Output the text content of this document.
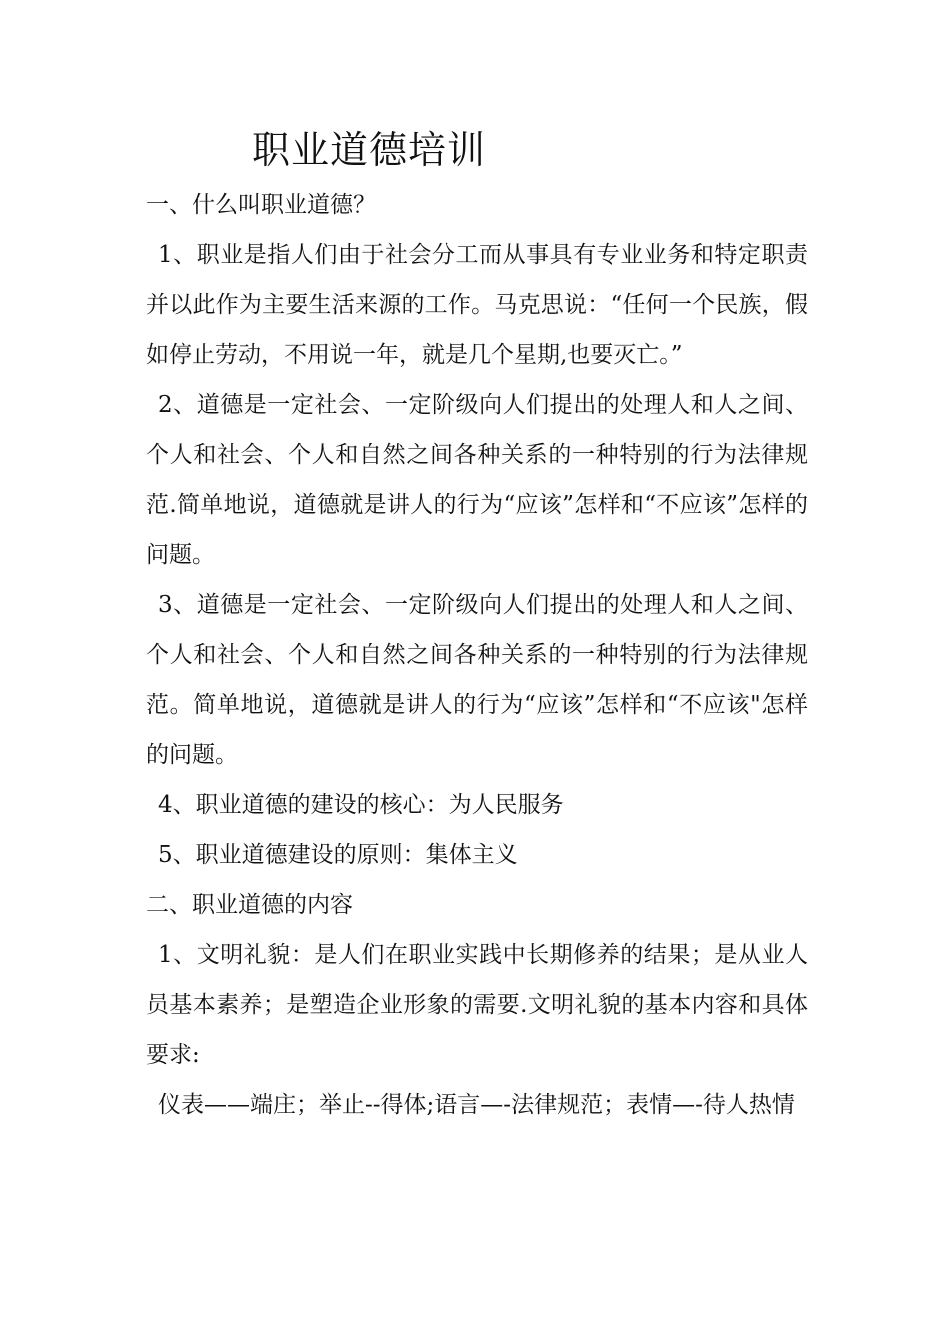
职业道德培训

一、什么叫职业道德？

1、职业是指人们由于社会分工而从事具有专业业务和特定职责并以此作为主要生活来源的工作。马克思说：“任何一个民族，假如停止劳动，不用说一年，就是几个星期,也要灭亡。”

2、道德是一定社会、一定阶级向人们提出的处理人和人之间、个人和社会、个人和自然之间各种关系的一种特别的行为法律规范.简单地说，道德就是讲人的行为“应该”怎样和“不应该”怎样的问题。

3、道德是一定社会、一定阶级向人们提出的处理人和人之间、个人和社会、个人和自然之间各种关系的一种特别的行为法律规范。简单地说，道德就是讲人的行为“应该”怎样和“不应该"怎样的问题。

4、职业道德的建设的核心：为人民服务

5、职业道德建设的原则：集体主义

二、职业道德的内容

1、文明礼貌：是人们在职业实践中长期修养的结果；是从业人员基本素养；是塑造企业形象的需要.文明礼貌的基本内容和具体要求:

仪表——端庄；举止--得体;语言—-法律规范；表情—-待人热情
